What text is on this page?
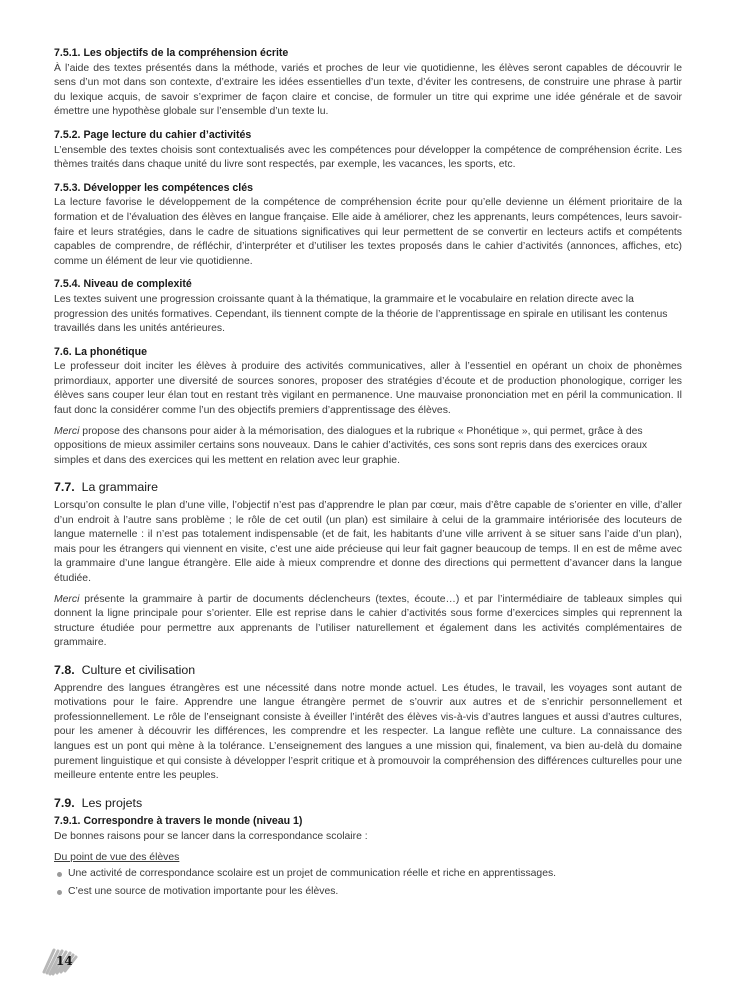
7.5.1. Les objectifs de la compréhension écrite

À l’aide des textes présentés dans la méthode, variés et proches de leur vie quotidienne, les élèves seront capables de découvrir le sens d’un mot dans son contexte, d’extraire les idées essentielles d’un texte, d’éviter les contresens, de construire une phrase à partir du lexique acquis, de savoir s’exprimer de façon claire et concise, de formuler un titre qui exprime une idée générale et de savoir émettre une hypothèse globale sur l’ensemble d’un texte lu.

7.5.2. Page lecture du cahier d’activités

L’ensemble des textes choisis sont contextualisés avec les compétences pour développer la compétence de compréhension écrite. Les thèmes traités dans chaque unité du livre sont respectés, par exemple, les vacances, les sports, etc.

7.5.3. Développer les compétences clés

La lecture favorise le développement de la compétence de compréhension écrite pour qu’elle devienne un élément prioritaire de la formation et de l’évaluation des élèves en langue française. Elle aide à améliorer, chez les apprenants, leurs compétences, leurs savoir-faire et leurs stratégies, dans le cadre de situations significatives qui leur permettent de se convertir en lecteurs actifs et compétents capables de comprendre, de réfléchir, d’interpréter et d’utiliser les textes proposés dans le cahier d’activités (annonces, affiches, etc) comme un élément de leur vie quotidienne.

7.5.4. Niveau de complexité

Les textes suivent une progression croissante quant à la thématique, la grammaire et le vocabulaire en relation directe avec la progression des unités formatives. Cependant, ils tiennent compte de la théorie de l’apprentissage en spirale en utilisant les contenus travaillés dans les unités antérieures.

7.6. La phonétique

Le professeur doit inciter les élèves à produire des activités communicatives, aller à l’essentiel en opérant un choix de phonèmes primordiaux, apporter une diversité de sources sonores, proposer des stratégies d’écoute et de production phonologique, corriger les élèves sans couper leur élan tout en restant très vigilant en permanence. Une mauvaise prononciation met en péril la communication. Il faut donc la considérer comme l’un des objectifs premiers d’apprentissage des élèves.

Merci propose des chansons pour aider à la mémorisation, des dialogues et la rubrique « Phonétique », qui permet, grâce à des oppositions de mieux assimiler certains sons nouveaux. Dans le cahier d’activités, ces sons sont repris dans des exercices oraux simples et dans des exercices qui les mettent en relation avec leur graphie.

7.7. La grammaire

Lorsqu’on consulte le plan d’une ville, l’objectif n’est pas d’apprendre le plan par cœur, mais d’être capable de s’orienter en ville, d’aller d’un endroit à l’autre sans problème ; le rôle de cet outil (un plan) est similaire à celui de la grammaire intériorisée des locuteurs de langue maternelle : il n’est pas totalement indispensable (et de fait, les habitants d’une ville arrivent à se situer sans l’aide d’un plan), mais pour les étrangers qui viennent en visite, c’est une aide précieuse qui leur fait gagner beaucoup de temps. Il en est de même avec la grammaire d’une langue étrangère. Elle aide à mieux comprendre et donne des directions qui permettent d’avancer dans la langue étudiée.

Merci présente la grammaire à partir de documents déclencheurs (textes, écoute…) et par l’intermédiaire de tableaux simples qui donnent la ligne principale pour s’orienter. Elle est reprise dans le cahier d’activités sous forme d’exercices simples qui reprennent la structure étudiée pour permettre aux apprenants de l’utiliser naturellement et également dans les activités complémentaires de grammaire.

7.8. Culture et civilisation

Apprendre des langues étrangères est une nécessité dans notre monde actuel. Les études, le travail, les voyages sont autant de motivations pour le faire. Apprendre une langue étrangère permet de s’ouvrir aux autres et de s’enrichir personnellement et professionnellement. Le rôle de l’enseignant consiste à éveiller l’intérêt des élèves vis-à-vis d’autres langues et aussi d’autres cultures, pour les amener à découvrir les différences, les comprendre et les respecter. La langue reflète une culture. La connaissance des langues est un pont qui mène à la tolérance. L’enseignement des langues a une mission qui, finalement, va bien au-delà du domaine purement linguistique et qui consiste à développer l’esprit critique et à promouvoir la compréhension des différences culturelles pour une meilleure entente entre les peuples.

7.9. Les projets
7.9.1. Correspondre à travers le monde (niveau 1)

De bonnes raisons pour se lancer dans la correspondance scolaire :

Du point de vue des élèves
Une activité de correspondance scolaire est un projet de communication réelle et riche en apprentissages.
C’est une source de motivation importante pour les élèves.
14
